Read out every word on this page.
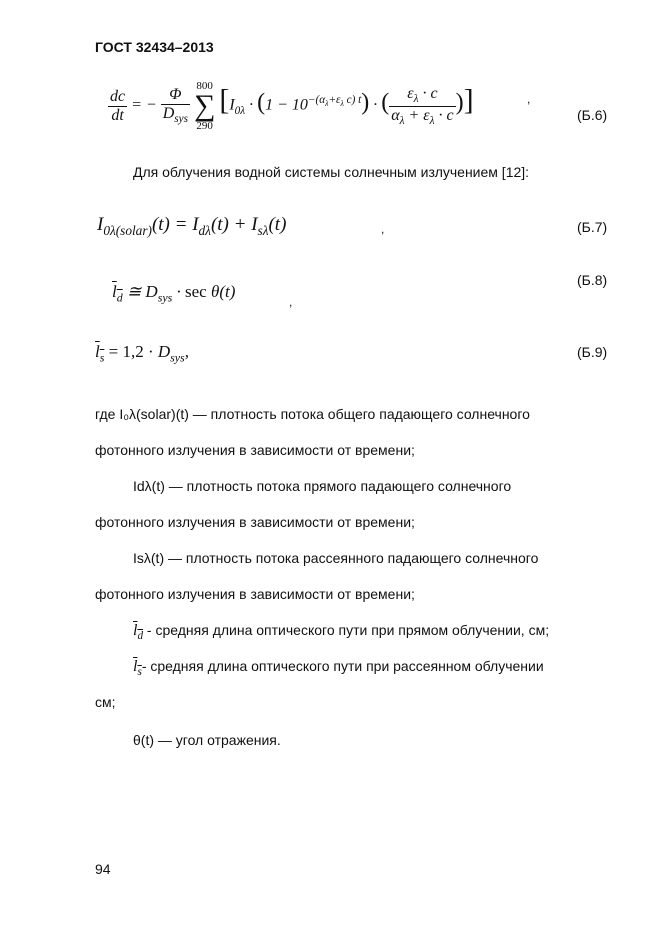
ГОСТ 32434–2013
$\frac{dc}{dt}$ = − $\frac{\Phi}{D_{sys}}$

800
∑
290
[$I_{0\lambda} \cdot (1 - 10^{-(\alpha_\lambda+\varepsilon_\lambda c) t})$ · ( $\frac{\varepsilon_\lambda \cdot c}{\alpha_\lambda + \varepsilon_\lambda \cdot c}$ )]	,
(Б.6)
Для облучения водной системы солнечным излучением [12]:
$I_{0\lambda(solar)}(t) = I_{d\lambda}(t) + I_{s\lambda}(t)$	,	(Б.7)
(Б.8)
$l_d$ ≅ $D_{sys} \cdot \sec \theta(t)$
,
$l_s = 1,2 \cdot D_{sys}$,	(Б.9)
где I₀λ(solar)(t) — плотность потока общего падающего солнечного
фотонного излучения в зависимости от времени;
Idλ(t) — плотность потока прямого падающего солнечного
фотонного излучения в зависимости от времени;
Isλ(t) — плотность потока рассеянного падающего солнечного
фотонного излучения в зависимости от времени;
$l_d$ - средняя длина оптического пути при прямом облучении, см;
$l_s-$ средняя длина оптического пути при рассеянном облучении
см;
θ(t) — угол отражения.
94
